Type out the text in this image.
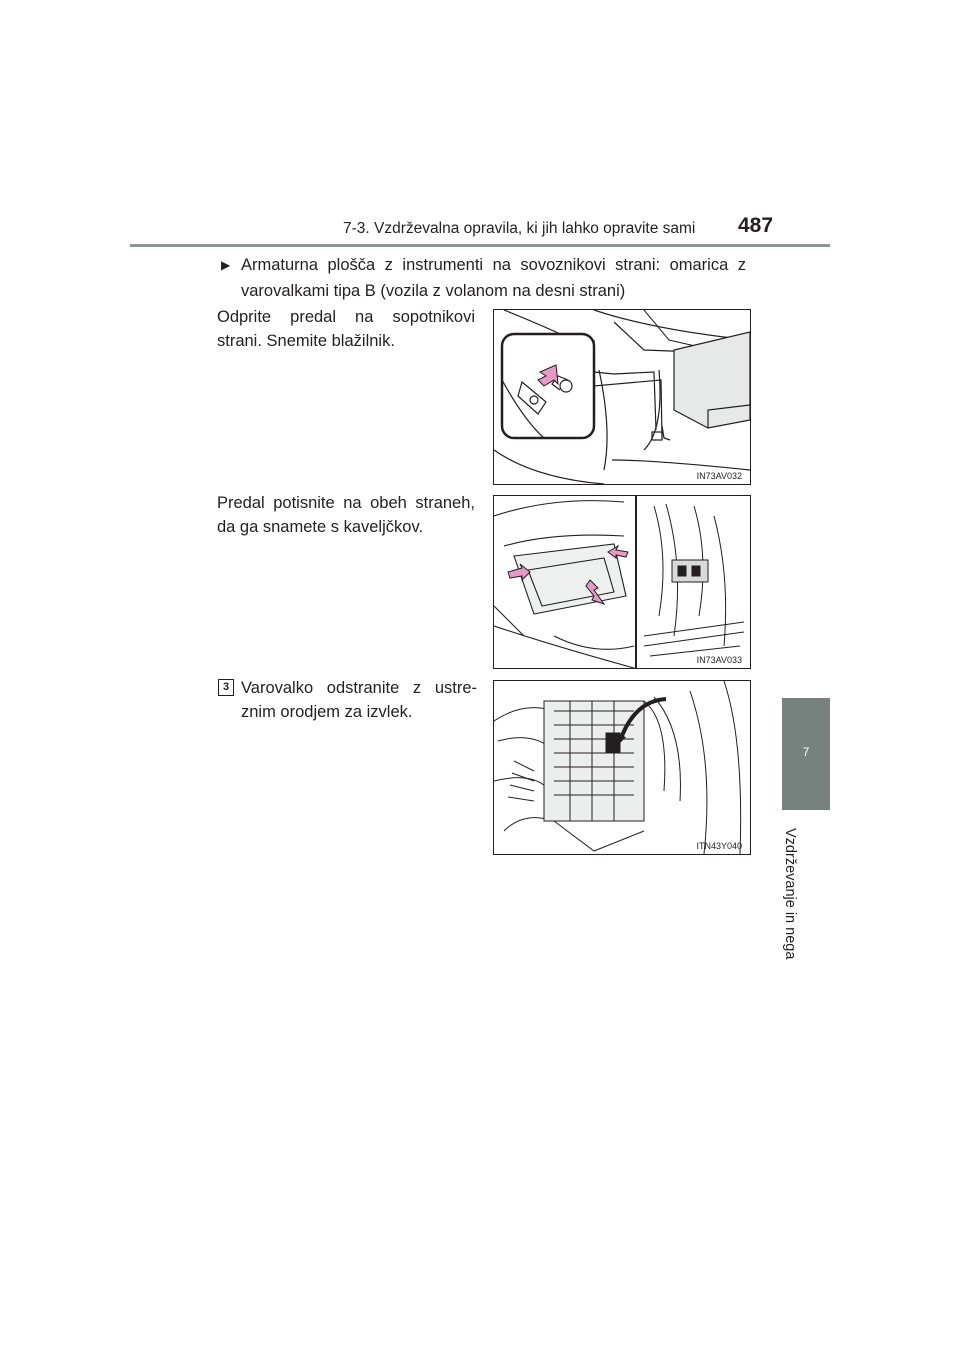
7-3. Vzdrževalna opravila, ki jih lahko opravite sami 487
7
Vzdrževanje in nega
▶ Armaturna plošča z instrumenti na sovoznikovi strani: omarica z varovalkami tipa B (vozila z volanom na desni strani)
Odprite predal na sopotnikovi strani. Snemite blažilnik.
IN73AV032
Predal potisnite na obeh straneh, da ga snamete s kaveljčkov.
IN73AV033
3 Varovalko odstranite z ustre-znim orodjem za izvlek.
ITN43Y040
